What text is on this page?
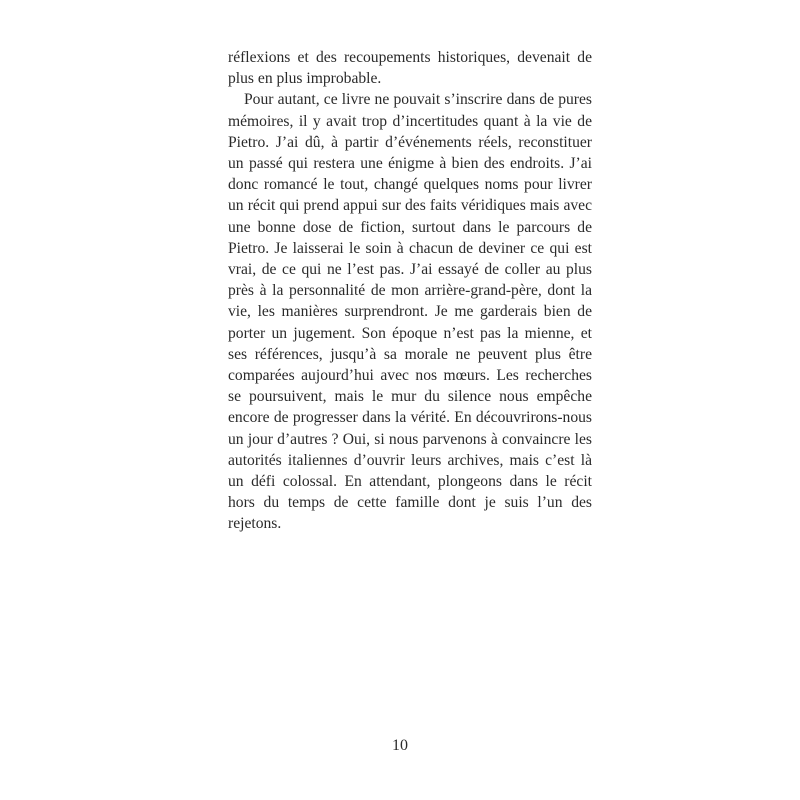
réflexions et des recoupements historiques, devenait de plus en plus improbable.

Pour autant, ce livre ne pouvait s’inscrire dans de pures mémoires, il y avait trop d’incertitudes quant à la vie de Pietro. J’ai dû, à partir d’événements réels, reconstituer un passé qui restera une énigme à bien des endroits. J’ai donc romancé le tout, changé quelques noms pour livrer un récit qui prend appui sur des faits véridiques mais avec une bonne dose de fiction, surtout dans le parcours de Pietro. Je laisserai le soin à chacun de deviner ce qui est vrai, de ce qui ne l’est pas. J’ai essayé de coller au plus près à la personnalité de mon arrière-grand-père, dont la vie, les manières surprendront. Je me garderais bien de porter un jugement. Son époque n’est pas la mienne, et ses références, jusqu’à sa morale ne peuvent plus être comparées aujourd’hui avec nos mœurs. Les recherches se poursuivent, mais le mur du silence nous empêche encore de progresser dans la vérité. En découvrirons-nous un jour d’autres ? Oui, si nous parvenons à convaincre les autorités italiennes d’ouvrir leurs archives, mais c’est là un défi colossal. En attendant, plongeons dans le récit hors du temps de cette famille dont je suis l’un des rejetons.

10
